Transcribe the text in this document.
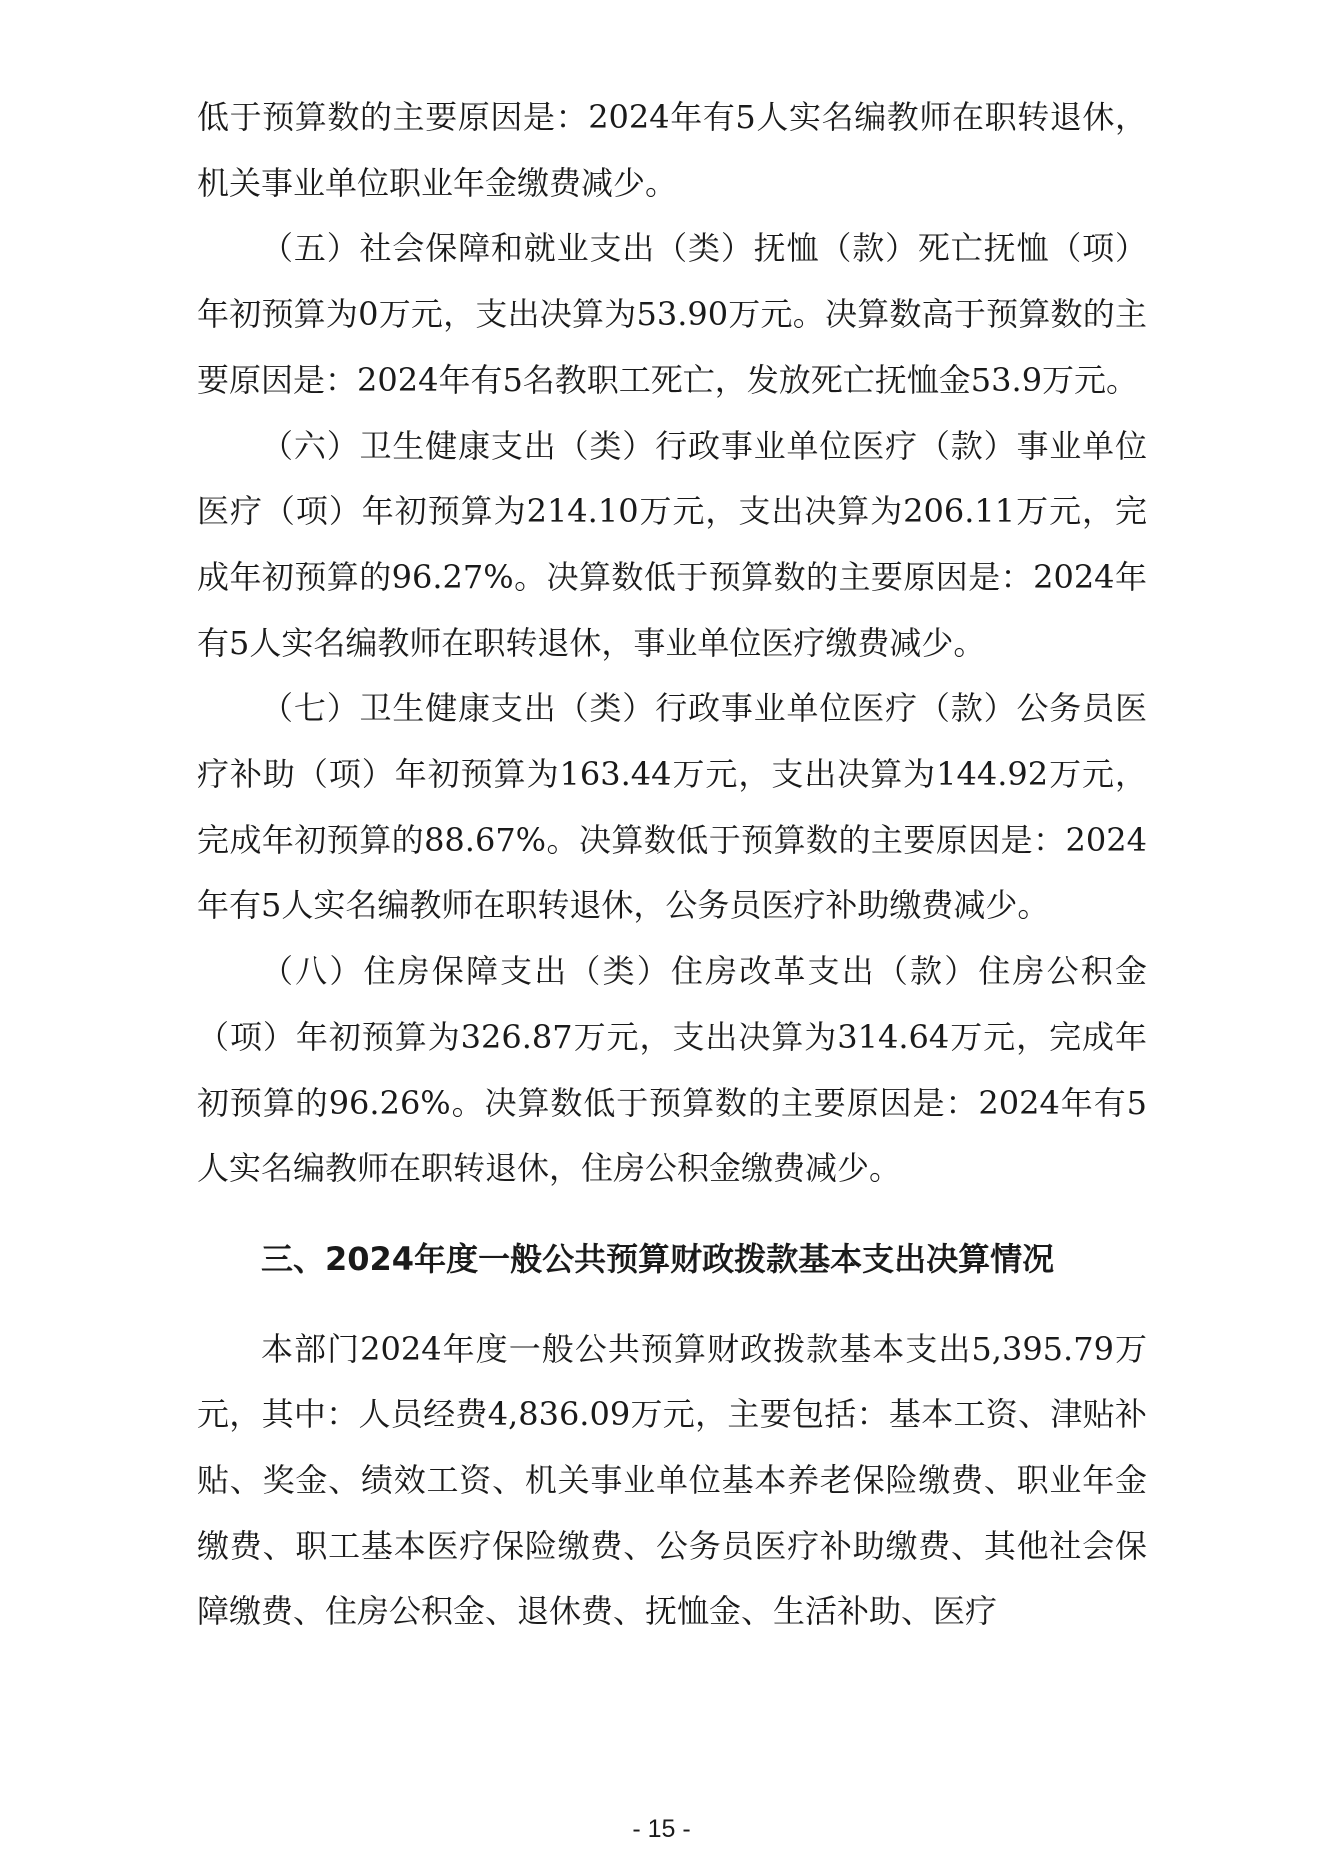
低于预算数的主要原因是：2024年有5人实名编教师在职转退休，机关事业单位职业年金缴费减少。

（五）社会保障和就业支出（类）抚恤（款）死亡抚恤（项）年初预算为0万元，支出决算为53.90万元。决算数高于预算数的主要原因是：2024年有5名教职工死亡，发放死亡抚恤金53.9万元。

（六）卫生健康支出（类）行政事业单位医疗（款）事业单位医疗（项）年初预算为214.10万元，支出决算为206.11万元，完成年初预算的96.27%。决算数低于预算数的主要原因是：2024年有5人实名编教师在职转退休，事业单位医疗缴费减少。

（七）卫生健康支出（类）行政事业单位医疗（款）公务员医疗补助（项）年初预算为163.44万元，支出决算为144.92万元，完成年初预算的88.67%。决算数低于预算数的主要原因是：2024年有5人实名编教师在职转退休，公务员医疗补助缴费减少。

（八）住房保障支出（类）住房改革支出（款）住房公积金（项）年初预算为326.87万元，支出决算为314.64万元，完成年初预算的96.26%。决算数低于预算数的主要原因是：2024年有5人实名编教师在职转退休，住房公积金缴费减少。

三、2024年度一般公共预算财政拨款基本支出决算情况

本部门2024年度一般公共预算财政拨款基本支出5,395.79万元，其中：人员经费4,836.09万元，主要包括：基本工资、津贴补贴、奖金、绩效工资、机关事业单位基本养老保险缴费、职业年金缴费、职工基本医疗保险缴费、公务员医疗补助缴费、其他社会保障缴费、住房公积金、退休费、抚恤金、生活补助、医疗

- 15 -
